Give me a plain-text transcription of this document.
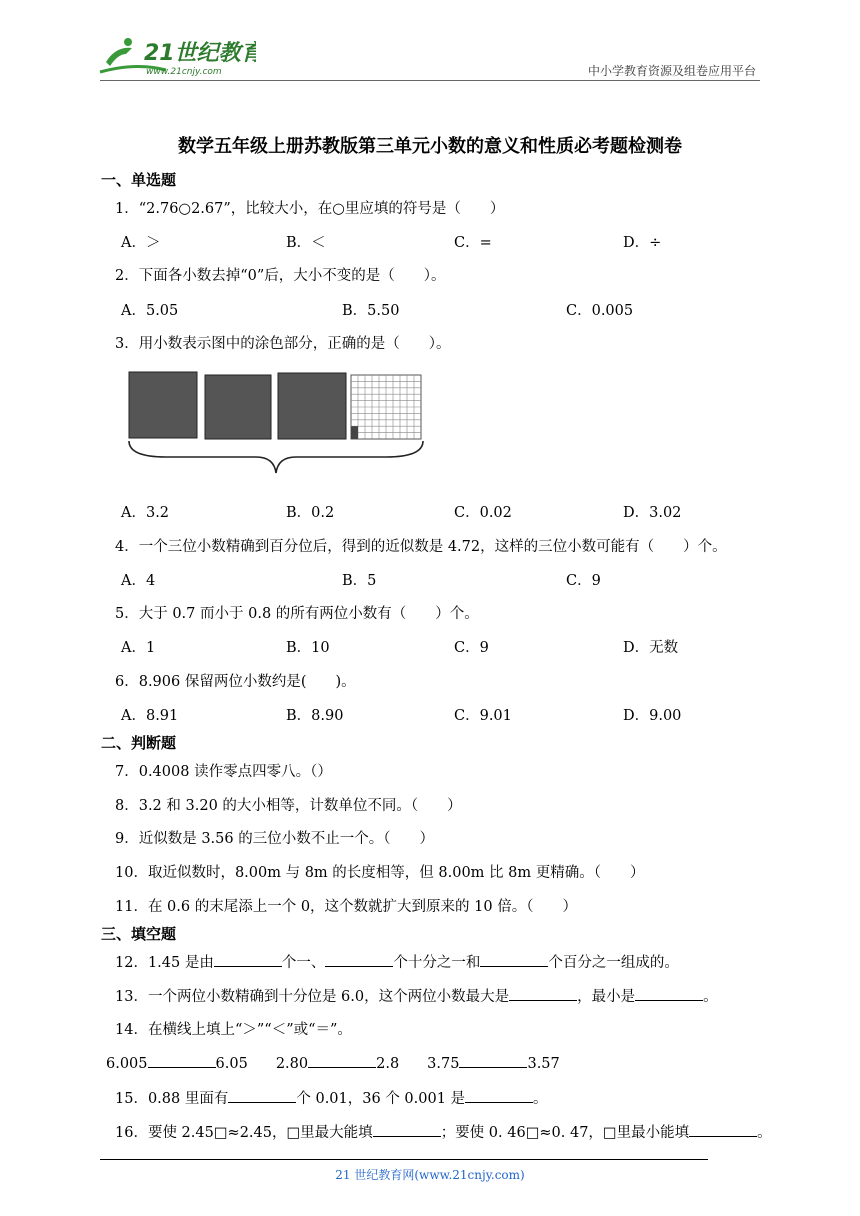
21世纪教育
www.21cnjy.com	中小学教育资源及组卷应用平台
数学五年级上册苏教版第三单元小数的意义和性质必考题检测卷
一、单选题
1．“2.76○2.67”，比较大小，在○里应填的符号是（　　）
A．＞	B．＜	C．=	D．÷
2．下面各小数去掉“0”后，大小不变的是（　　）。
A．5.05	B．5.50	C．0.005
3．用小数表示图中的涂色部分，正确的是（　　）。
A．3.2	B．0.2	C．0.02	D．3.02
4．一个三位小数精确到百分位后，得到的近似数是 4.72，这样的三位小数可能有（　　）个。
A．4	B．5	C．9
5．大于 0.7 而小于 0.8 的所有两位小数有（　　）个。
A．1	B．10	C．9	D．无数
6．8.906 保留两位小数约是(　　)。
A．8.91	B．8.90	C．9.01	D．9.00
二、判断题
7．0.4008 读作零点四零八。（）
8．3.2 和 3.20 的大小相等，计数单位不同。（　　）
9．近似数是 3.56 的三位小数不止一个。（　　）
10．取近似数时，8.00m 与 8m 的长度相等，但 8.00m 比 8m 更精确。（　　）
11．在 0.6 的末尾添上一个 0，这个数就扩大到原来的 10 倍。（　　）
三、填空题
12．1.45 是由	个一、	个十分之一和	个百分之一组成的。
13．一个两位小数精确到十分位是 6.0，这个两位小数最大是	，最小是	。
14．在横线上填上“＞”“＜”或“＝”。
6.005	6.05 2.80	2.8 3.75	3.57
15．0.88 里面有	个 0.01，36 个 0.001 是	。
16．要使 2.45□≈2.45，□里最大能填	；要使 0. 46□≈0. 47，□里最小能填	。
21 世纪教育网(www.21cnjy.com)
